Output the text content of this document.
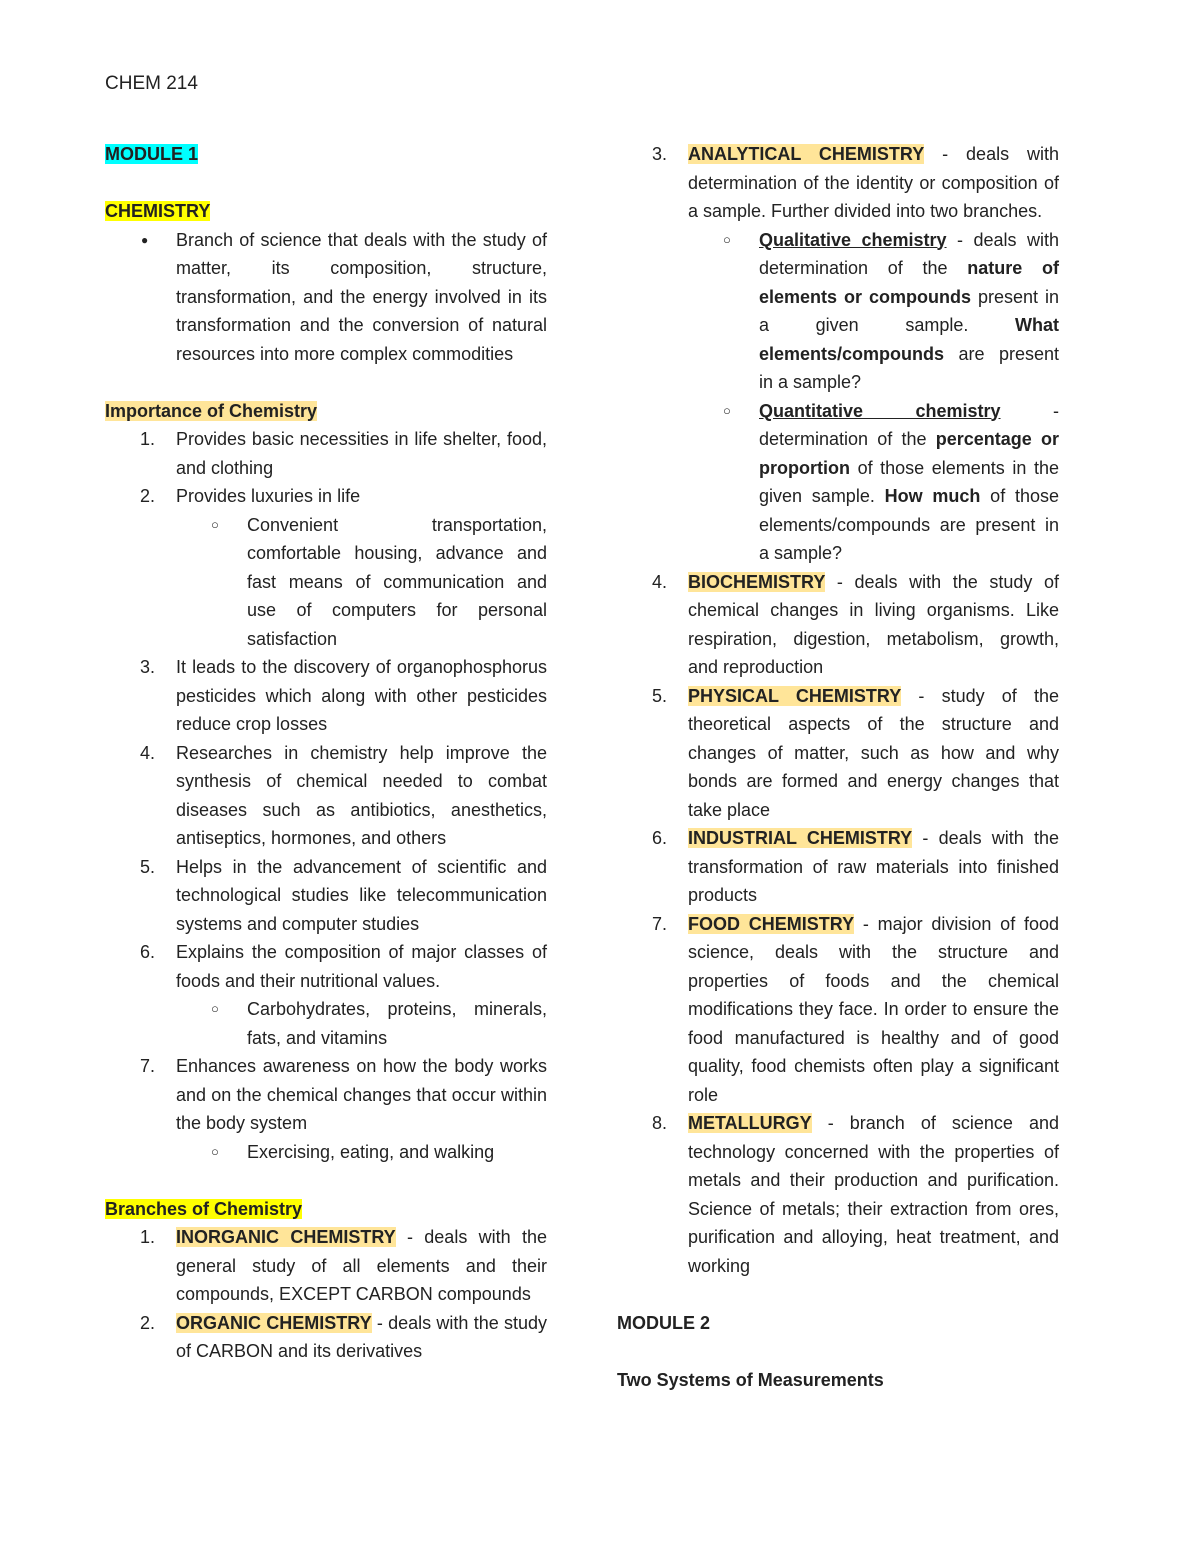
CHEM 214

MODULE 1

CHEMISTRY

● Branch of science that deals with the study of matter, its composition, structure, transformation, and the energy involved in its transformation and the conversion of natural resources into more complex commodities

Importance of Chemistry

1. Provides basic necessities in life shelter, food, and clothing
2. Provides luxuries in life
○ Convenient transportation, comfortable housing, advance and fast means of communication and use of computers for personal satisfaction
3. It leads to the discovery of organophosphorus pesticides which along with other pesticides reduce crop losses
4. Researches in chemistry help improve the synthesis of chemical needed to combat diseases such as antibiotics, anesthetics, antiseptics, hormones, and others
5. Helps in the advancement of scientific and technological studies like telecommunication systems and computer studies
6. Explains the composition of major classes of foods and their nutritional values.
○ Carbohydrates, proteins, minerals, fats, and vitamins
7. Enhances awareness on how the body works and on the chemical changes that occur within the body system
○ Exercising, eating, and walking

Branches of Chemistry

1. INORGANIC CHEMISTRY - deals with the general study of all elements and their compounds, EXCEPT CARBON compounds
2. ORGANIC CHEMISTRY - deals with the study of CARBON and its derivatives
3. ANALYTICAL CHEMISTRY - deals with determination of the identity or composition of a sample. Further divided into two branches.
○ Qualitative chemistry - deals with determination of the nature of elements or compounds present in a given sample. What elements/compounds are present in a sample?
○ Quantitative chemistry - determination of the percentage or proportion of those elements in the given sample. How much of those elements/compounds are present in a sample?
4. BIOCHEMISTRY - deals with the study of chemical changes in living organisms. Like respiration, digestion, metabolism, growth, and reproduction
5. PHYSICAL CHEMISTRY - study of the theoretical aspects of the structure and changes of matter, such as how and why bonds are formed and energy changes that take place
6. INDUSTRIAL CHEMISTRY - deals with the transformation of raw materials into finished products
7. FOOD CHEMISTRY - major division of food science, deals with the structure and properties of foods and the chemical modifications they face. In order to ensure the food manufactured is healthy and of good quality, food chemists often play a significant role
8. METALLURGY - branch of science and technology concerned with the properties of metals and their production and purification. Science of metals; their extraction from ores, purification and alloying, heat treatment, and working

MODULE 2

Two Systems of Measurements
